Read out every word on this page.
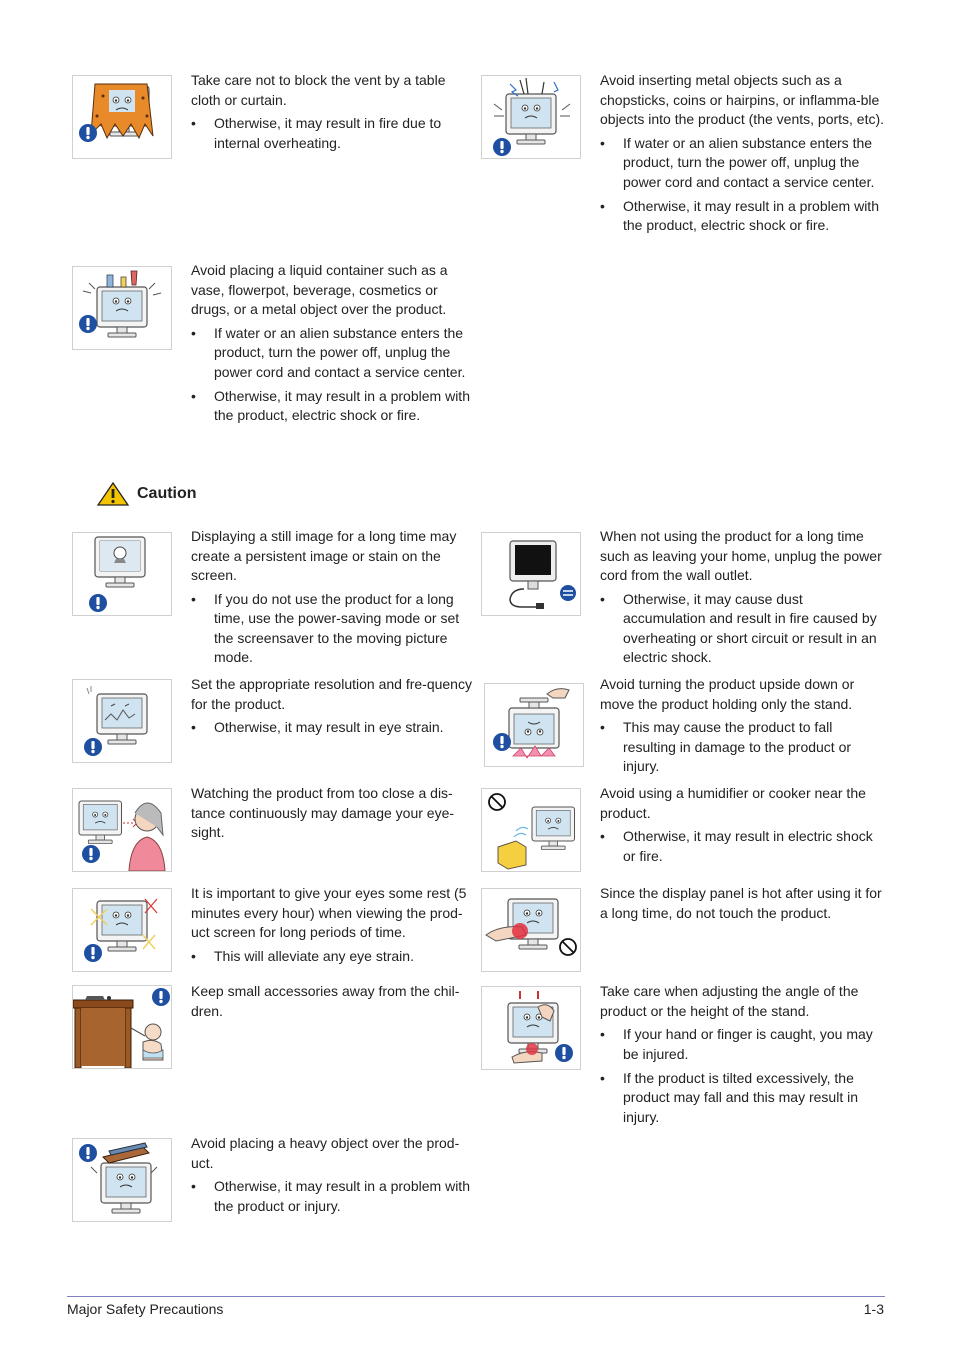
Take care not to block the vent by a table cloth or curtain.

• Otherwise, it may result in fire due to internal overheating.

Avoid placing a liquid container such as a vase, flowerpot, beverage, cosmetics or drugs, or a metal object over the product.

• If water or an alien substance enters the product, turn the power off, unplug the power cord and contact a service center.
• Otherwise, it may result in a problem with the product, electric shock or fire.
Caution

Displaying a still image for a long time may create a persistent image or stain on the screen.

• If you do not use the product for a long time, use the power-saving mode or set the screensaver to the moving picture mode.

Set the appropriate resolution and fre-quency for the product.

• Otherwise, it may result in eye strain.

Watching the product from too close a dis-tance continuously may damage your eye-sight.

It is important to give your eyes some rest (5 minutes every hour) when viewing the prod-uct screen for long periods of time.

• This will alleviate any eye strain.

Keep small accessories away from the chil-dren.

Avoid placing a heavy object over the prod-uct.

• Otherwise, it may result in a problem with the product or injury.

Avoid inserting metal objects such as a chopsticks, coins or hairpins, or inflamma-ble objects into the product (the vents, ports, etc).

• If water or an alien substance enters the product, turn the power off, unplug the power cord and contact a service center.
• Otherwise, it may result in a problem with the product, electric shock or fire.

When not using the product for a long time such as leaving your home, unplug the power cord from the wall outlet.

• Otherwise, it may cause dust accumulation and result in fire caused by overheating or short circuit or result in an electric shock.

Avoid turning the product upside down or move the product holding only the stand.

• This may cause the product to fall resulting in damage to the product or injury.

Avoid using a humidifier or cooker near the product.

• Otherwise, it may result in electric shock or fire.

Since the display panel is hot after using it for a long time, do not touch the product.

Take care when adjusting the angle of the product or the height of the stand.

• If your hand or finger is caught, you may be injured.
• If the product is tilted excessively, the product may fall and this may result in injury.
Major Safety Precautions	1-3
